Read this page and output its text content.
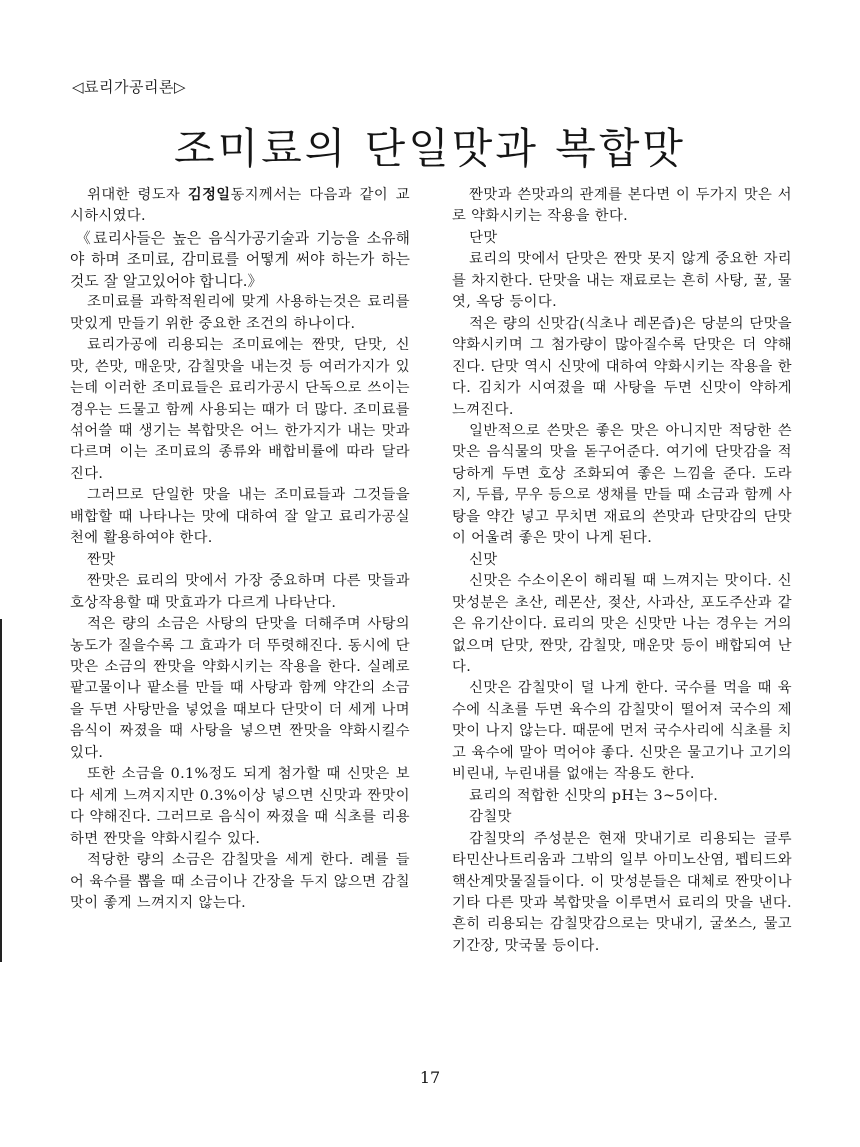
◁료리가공리론▷
조미료의 단일맛과 복합맛

위대한 령도자 김정일동지께서는 다음과 같이 교시하시였다.

《료리사들은 높은 음식가공기술과 기능을 소유해야 하며 조미료, 감미료를 어떻게 써야 하는가 하는것도 잘 알고있어야 합니다.》

조미료를 과학적원리에 맞게 사용하는것은 료리를 맛있게 만들기 위한 중요한 조건의 하나이다.

료리가공에 리용되는 조미료에는 짠맛, 단맛, 신맛, 쓴맛, 매운맛, 감칠맛을 내는것 등 여러가지가 있는데 이러한 조미료들은 료리가공시 단독으로 쓰이는 경우는 드물고 함께 사용되는 때가 더 많다. 조미료를 섞어쓸 때 생기는 복합맛은 어느 한가지가 내는 맛과 다르며 이는 조미료의 종류와 배합비률에 따라 달라진다.

그러므로 단일한 맛을 내는 조미료들과 그것들을 배합할 때 나타나는 맛에 대하여 잘 알고 료리가공실천에 활용하여야 한다.

짠맛

짠맛은 료리의 맛에서 가장 중요하며 다른 맛들과 호상작용할 때 맛효과가 다르게 나타난다.

적은 량의 소금은 사탕의 단맛을 더해주며 사탕의 농도가 질을수록 그 효과가 더 뚜렷해진다. 동시에 단맛은 소금의 짠맛을 약화시키는 작용을 한다. 실례로 팥고물이나 팥소를 만들 때 사탕과 함께 약간의 소금을 두면 사탕만을 넣었을 때보다 단맛이 더 세게 나며 음식이 짜졌을 때 사탕을 넣으면 짠맛을 약화시킬수 있다.

또한 소금을 0.1%정도 되게 첨가할 때 신맛은 보다 세게 느껴지지만 0.3%이상 넣으면 신맛과 짠맛이 다 약해진다. 그러므로 음식이 짜졌을 때 식초를 리용하면 짠맛을 약화시킬수 있다.

적당한 량의 소금은 감칠맛을 세게 한다. 례를 들어 육수를 뽑을 때 소금이나 간장을 두지 않으면 감칠맛이 좋게 느껴지지 않는다.

짠맛과 쓴맛과의 관계를 본다면 이 두가지 맛은 서로 약화시키는 작용을 한다.

단맛

료리의 맛에서 단맛은 짠맛 못지 않게 중요한 자리를 차지한다. 단맛을 내는 재료로는 흔히 사탕, 꿀, 물엿, 옥당 등이다.

적은 량의 신맛감(식초나 레몬즙)은 당분의 단맛을 약화시키며 그 첨가량이 많아질수록 단맛은 더 약해진다. 단맛 역시 신맛에 대하여 약화시키는 작용을 한다. 김치가 시여졌을 때 사탕을 두면 신맛이 약하게 느껴진다.

일반적으로 쓴맛은 좋은 맛은 아니지만 적당한 쓴맛은 음식물의 맛을 돋구어준다. 여기에 단맛감을 적당하게 두면 호상 조화되여 좋은 느낌을 준다. 도라지, 두릅, 무우 등으로 생채를 만들 때 소금과 함께 사탕을 약간 넣고 무치면 재료의 쓴맛과 단맛감의 단맛이 어울려 좋은 맛이 나게 된다.

신맛

신맛은 수소이온이 해리될 때 느껴지는 맛이다. 신맛성분은 초산, 레몬산, 젖산, 사과산, 포도주산과 같은 유기산이다. 료리의 맛은 신맛만 나는 경우는 거의 없으며 단맛, 짠맛, 감칠맛, 매운맛 등이 배합되여 난다.

신맛은 감칠맛이 덜 나게 한다. 국수를 먹을 때 육수에 식초를 두면 육수의 감칠맛이 떨어져 국수의 제맛이 나지 않는다. 때문에 먼저 국수사리에 식초를 치고 육수에 말아 먹어야 좋다. 신맛은 물고기나 고기의 비린내, 누린내를 없애는 작용도 한다.

료리의 적합한 신맛의 pH는 3~5이다.

감칠맛

감칠맛의 주성분은 현재 맛내기로 리용되는 글루타민산나트리움과 그밖의 일부 아미노산염, 펩티드와 핵산계맛물질들이다. 이 맛성분들은 대체로 짠맛이나 기타 다른 맛과 복합맛을 이루면서 료리의 맛을 낸다. 흔히 리용되는 감칠맛감으로는 맛내기, 굴쏘스, 물고기간장, 맛국물 등이다.

17
